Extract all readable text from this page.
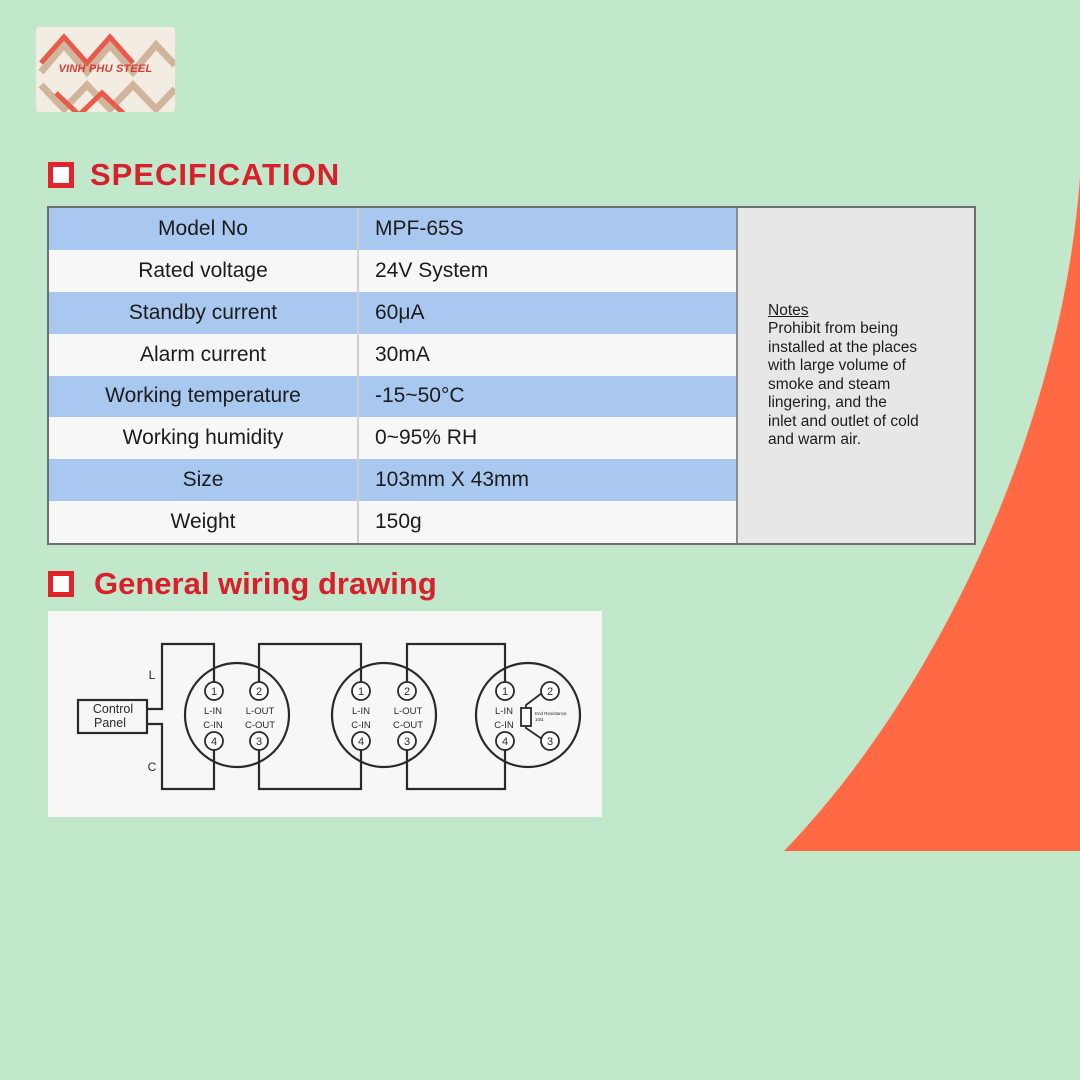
VINH PHU STEEL
SPECIFICATION
Model No	MPF-65S
Rated voltage	24V System
Standby current	60μA
Alarm current	30mA
Working temperature	-15~50°C
Working humidity	0~95% RH
Size	103mm X 43mm
Weight	150g
Notes
Prohibit from being
installed at the places
with large volume of
smoke and steam
lingering, and the
inlet and outlet of cold
and warm air.
General wiring drawing
Control
Panel
L
C
1	2
3
4
1	2
3
4
1	2
3
4
L-IN
C-IN
L-OUT
C-OUT
L-IN
C-IN
L-OUT
C-OUT
L-IN
C-IN
End Resistance
10Ω
